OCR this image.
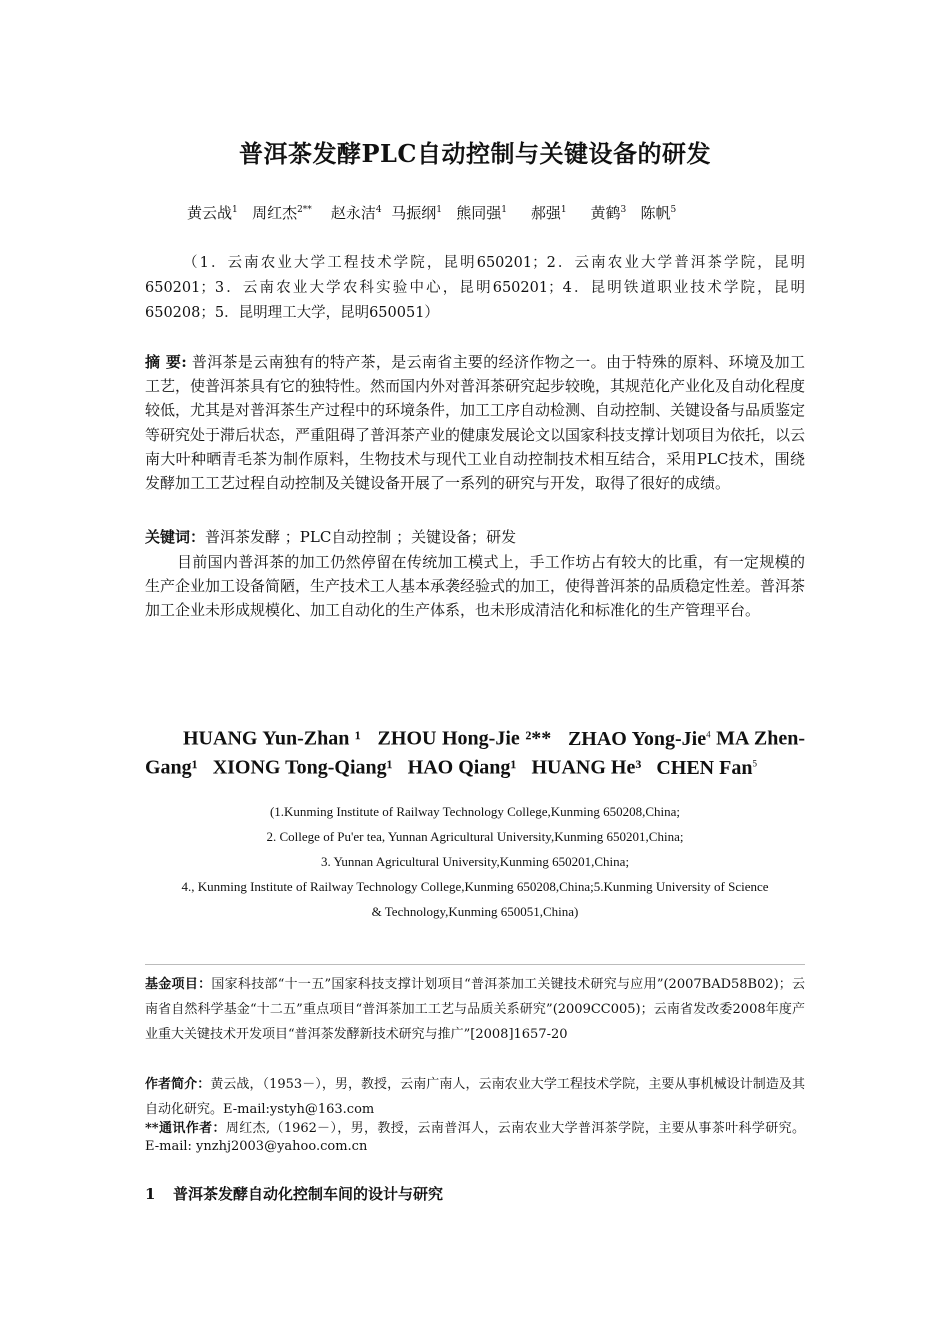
普洱茶发酵PLC自动控制与关键设备的研发
黄云战$^1$ 周红杰$^{2**}$ 赵永洁$^4$ 马振纲$^1$ 熊同强$^1$ 郝强$^1$ 黄鹤$^3$ 陈帆$^5$
（1．云南农业大学工程技术学院，昆明650201；2．云南农业大学普洱茶学院，昆明650201；3．云南农业大学农科实验中心，昆明650201；4．昆明铁道职业技术学院，昆明650208；5．昆明理工大学，昆明650051）
摘 要: 普洱茶是云南独有的特产茶，是云南省主要的经济作物之一。由于特殊的原料、环境及加工工艺，使普洱茶具有它的独特性。然而国内外对普洱茶研究起步较晚，其规范化产业化及自动化程度较低，尤其是对普洱茶生产过程中的环境条件，加工工序自动检测、自动控制、关键设备与品质鉴定等研究处于滞后状态，严重阻碍了普洱茶产业的健康发展论文以国家科技支撑计划项目为依托，以云南大叶种晒青毛茶为制作原料，生物技术与现代工业自动控制技术相互结合，采用PLC技术，围绕发酵加工工艺过程自动控制及关键设备开展了一系列的研究与开发，取得了很好的成绩。
关键词：普洱茶发酵 ；PLC自动控制 ；关键设备；研发
目前国内普洱茶的加工仍然停留在传统加工模式上，手工作坊占有较大的比重，有一定规模的生产企业加工设备简陋，生产技术工人基本承袭经验式的加工，使得普洱茶的品质稳定性差。普洱茶加工企业未形成规模化、加工自动化的生产体系，也未形成清洁化和标准化的生产管理平台。
HUANG Yun-Zhan ¹ ZHOU Hong-Jie ²** ZHAO Yong-Jie$^4$ MA Zhen-Gang¹ XIONG Tong-Qiang¹ HAO Qiang¹ HUANG He³ CHEN Fan$^5$
(1.Kunming Institute of Railway Technology College,Kunming 650208,China;
2. College of Pu'er tea, Yunnan Agricultural University,Kunming 650201,China;
3. Yunnan Agricultural University,Kunming 650201,China;
4., Kunming Institute of Railway Technology College,Kunming 650208,China;5.Kunming University of Science
& Technology,Kunming 650051,China)
基金项目：国家科技部“十一五”国家科技支撑计划项目“普洱茶加工关键技术研究与应用”(2007BAD58B02)；云南省自然科学基金“十二五”重点项目“普洱茶加工工艺与品质关系研究”(2009CC005)；云南省发改委2008年度产业重大关键技术开发项目“普洱茶发酵新技术研究与推广”[2008]1657-20
作者简介：黄云战，（1953－），男，教授，云南广南人，云南农业大学工程技术学院，主要从事机械设计制造及其自动化研究。E-mail:ystyh@163.com
**通讯作者：周红杰,（1962－），男，教授，云南普洱人，云南农业大学普洱茶学院，主要从事茶叶科学研究。 E-mail: ynzhj2003@yahoo.com.cn
1 普洱茶发酵自动化控制车间的设计与研究
